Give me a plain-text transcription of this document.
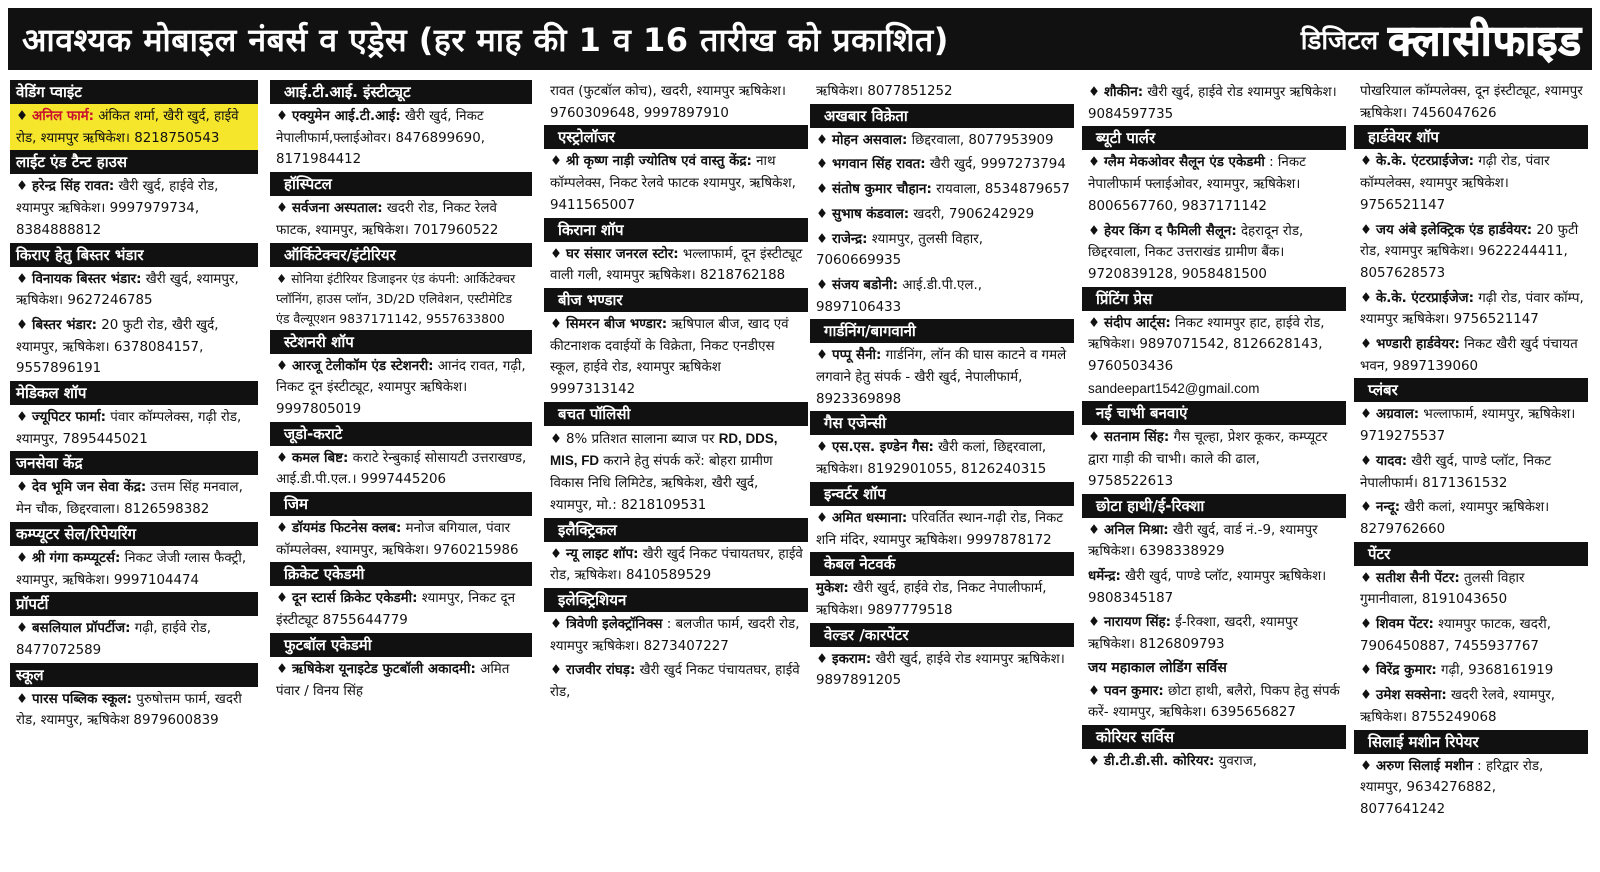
आवश्यक मोबाइल नंबर्स व एड्रेस (हर माह की 1 व 16 तारीख को प्रकाशित)	डिजिटल क्लासीफाइड
वेडिंग प्वाइंट
♦ अनिल फार्म: अंकित शर्मा, खैरी खुर्द, हाईवे रोड, श्यामपुर ऋषिकेश। 8218750543
लाईट एंड टैन्ट हाउस
♦ हरेन्द्र सिंह रावत: खैरी खुर्द, हाईवे रोड, श्यामपुर ऋषिकेश। 9997979734, 8384888812
किराए हेतु बिस्तर भंडार
♦ विनायक बिस्तर भंडार: खैरी खुर्द, श्यामपुर, ऋषिकेश। 9627246785
♦ बिस्तर भंडार: 20 फुटी रोड, खैरी खुर्द, श्यामपुर, ऋषिकेश। 6378084157, 9557896191
मेडिकल शॉप
♦ ज्यूपिटर फार्मा: पंवार कॉम्पलेक्स, गढ़ी रोड, श्यामपुर, 7895445021
जनसेवा केंद्र
♦ देव भूमि जन सेवा केंद्र: उत्तम सिंह मनवाल, मेन चौक, छिद्दरवाला। 8126598382
कम्प्यूटर सेल/रिपेयरिंग
♦ श्री गंगा कम्प्यूटर्स: निकट जेजी ग्लास फैक्ट्री, श्यामपुर, ऋषिकेश। 9997104474
प्रॉपर्टी
♦ बसलियाल प्रॉपर्टीज: गढ़ी, हाईवे रोड, 8477072589
स्कूल
♦ पारस पब्लिक स्कूल: पुरुषोत्तम फार्म, खदरी रोड, श्यामपुर, ऋषिकेश 8979600839
आई.टी.आई. इंस्टीट्यूट
♦ एक्युमेन आई.टी.आई: खैरी खुर्द, निकट नेपालीफार्म,फ्लाईओवर। 8476899690, 8171984412
हॉस्पिटल
♦ सर्वजना अस्पताल: खदरी रोड, निकट रेलवे फाटक, श्यामपुर, ऋषिकेश। 7017960522
ऑर्किटेक्चर/इंटीरियर
♦ सोनिया इंटीरियर डिजाइनर एंड कंपनी: आर्किटेक्चर प्लॉनिंग, हाउस प्लॉन, 3D/2D एलिवेशन, एस्टीमेटिड एंड वैल्यूएशन 9837171142, 9557633800
स्टेशनरी शॉप
♦ आरजू टेलीकॉम एंड स्टेशनरी: आनंद रावत, गढ़ी, निकट दून इंस्टीट्यूट, श्यामपुर ऋषिकेश। 9997805019
जूडो-कराटे
♦ कमल बिष्ट: कराटे रेन्बुकाई सोसायटी उत्तराखण्ड, आई.डी.पी.एल.। 9997445206
जिम
♦ डॉयमंड फिटनेस क्लब: मनोज बगियाल, पंवार कॉम्पलेक्स, श्यामपुर, ऋषिकेश। 9760215986
क्रिकेट एकेडमी
♦ दून स्टार्स क्रिकेट एकेडमी: श्यामपुर, निकट दून इंस्टीट्यूट 8755644779
फुटबॉल एकेडमी
♦ ऋषिकेश यूनाइटेड फुटबॉली अकादमी: अमित पंवार / विनय सिंह
रावत (फुटबॉल कोच), खदरी, श्यामपुर ऋषिकेश। 9760309648, 9997897910
एस्ट्रोलॉजर
♦ श्री कृष्ण नाड़ी ज्योतिष एवं वास्तु केंद्र: नाथ कॉम्पलेक्स, निकट रेलवे फाटक श्यामपुर, ऋषिकेश, 9411565007
किराना शॉप
♦ घर संसार जनरल स्टोर: भल्लाफार्म, दून इंस्टीट्यूट वाली गली, श्यामपुर ऋषिकेश। 8218762188
बीज भण्डार
♦ सिमरन बीज भण्डार: ऋषिपाल बीज, खाद एवं कीटनाशक दवाईयों के विक्रेता, निकट एनडीएस स्कूल, हाईवे रोड, श्यामपुर ऋषिकेश 9997313142
बचत पॉलिसी
♦ 8% प्रतिशत सालाना ब्याज पर RD, DDS, MIS, FD कराने हेतु संपर्क करें: बोहरा ग्रामीण विकास निधि लिमिटेड, ऋषिकेश, खैरी खुर्द, श्यामपुर, मो.: 8218109531
इलैक्ट्रिकल
♦ न्यू लाइट शॉप: खैरी खुर्द निकट पंचायतघर, हाईवे रोड, ऋषिकेश। 8410589529
इलेक्ट्रिशियन
♦ त्रिवेणी इलेक्ट्रॉनिक्स : बलजीत फार्म, खदरी रोड, श्यामपुर ऋषिकेश। 8273407227
♦ राजवीर रांघड़: खैरी खुर्द निकट पंचायतघर, हाईवे रोड,
ऋषिकेश। 8077851252
अखबार विक्रेता
♦ मोहन असवाल: छिद्दरवाला, 8077953909
♦ भगवान सिंह रावत: खैरी खुर्द, 9997273794
♦ संतोष कुमार चौहान: रायवाला, 8534879657
♦ सुभाष कंडवाल: खदरी, 7906242929
♦ राजेन्द्र: श्यामपुर, तुलसी विहार, 7060669935
♦ संजय बडोनी: आई.डी.पी.एल., 9897106433
गार्डनिंग/बागवानी
♦ पप्पू सैनी: गार्डनिंग, लॉन की घास काटने व गमले लगवाने हेतु संपर्क - खैरी खुर्द, नेपालीफार्म, 8923369898
गैस एजेन्सी
♦ एस.एस. इण्डेन गैस: खैरी कलां, छिद्दरवाला, ऋषिकेश। 8192901055, 8126240315
इन्वर्टर शॉप
♦ अमित धस्माना: परिवर्तित स्थान-गढ़ी रोड, निकट शनि मंदिर, श्यामपुर ऋषिकेश। 9997878172
केबल नेटवर्क
मुकेश: खैरी खुर्द, हाईवे रोड, निकट नेपालीफार्म, ऋषिकेश। 9897779518
वेल्डर /कारपेंटर
♦ इकराम: खैरी खुर्द, हाईवे रोड श्यामपुर ऋषिकेश। 9897891205
♦ शौकीन: खैरी खुर्द, हाईवे रोड श्यामपुर ऋषिकेश। 9084597735
ब्यूटी पार्लर
♦ ग्लैम मेकओवर सैलून एंड एकेडमी : निकट नेपालीफार्म फ्लाईओवर, श्यामपुर, ऋषिकेश। 8006567760, 9837171142
♦ हेयर किंग द फैमिली सैलून: देहरादून रोड, छिद्दरवाला, निकट उत्तराखंड ग्रामीण बैंक। 9720839128, 9058481500
प्रिंटिंग प्रेस
♦ संदीप आर्ट्स: निकट श्यामपुर हाट, हाईवे रोड, ऋषिकेश। 9897071542, 8126628143, 9760503436
sandeepart1542@gmail.com
नई चाभी बनवाएं
♦ सतनाम सिंह: गैस चूल्हा, प्रेशर कूकर, कम्प्यूटर द्वारा गाड़ी की चाभी। काले की ढाल, 9758522613
छोटा हाथी/ई-रिक्शा
♦ अनिल मिश्रा: खैरी खुर्द, वार्ड नं.-9, श्यामपुर ऋषिकेश। 6398338929
धर्मेन्द्र: खैरी खुर्द, पाण्डे प्लॉट, श्यामपुर ऋषिकेश। 9808345187
♦ नारायण सिंह: ई-रिक्शा, खदरी, श्यामपुर ऋषिकेश। 8126809793
जय महाकाल लोडिंग सर्विस
♦ पवन कुमार: छोटा हाथी, बलैरो, पिकप हेतु संपर्क करें- श्यामपुर, ऋषिकेश। 6395656827
कोरियर सर्विस
♦ डी.टी.डी.सी. कोरियर: युवराज,
पोखरियाल कॉम्पलेक्स, दून इंस्टीट्यूट, श्यामपुर ऋषिकेश। 7456047626
हार्डवेयर शॉप
♦ के.के. एंटरप्राईजेज: गढ़ी रोड, पंवार कॉम्पलेक्स, श्यामपुर ऋषिकेश। 9756521147
♦ जय अंबे इलेक्ट्रिक एंड हार्डवेयर: 20 फुटी रोड, श्यामपुर ऋषिकेश। 9622244411, 8057628573
♦ के.के. एंटरप्राईजेज: गढ़ी रोड, पंवार कॉम्प, श्यामपुर ऋषिकेश। 9756521147
♦ भण्डारी हार्डवेयर: निकट खैरी खुर्द पंचायत भवन, 9897139060
प्लंबर
♦ अग्रवाल: भल्लाफार्म, श्यामपुर, ऋषिकेश। 9719275537
♦ यादव: खैरी खुर्द, पाण्डे प्लॉट, निकट नेपालीफार्म। 8171361532
♦ नन्दू: खैरी कलां, श्यामपुर ऋषिकेश। 8279762660
पेंटर
♦ सतीश सैनी पेंटर: तुलसी विहार गुमानीवाला, 8191043650
♦ शिवम पेंटर: श्यामपुर फाटक, खदरी, 7906450887, 7455937767
♦ विरेंद्र कुमार: गढ़ी, 9368161919
♦ उमेश सक्सेना: खदरी रेलवे, श्यामपुर, ऋषिकेश। 8755249068
सिलाई मशीन रिपेयर
♦ अरुण सिलाई मशीन : हरिद्वार रोड, श्यामपुर, 9634276882, 8077641242
